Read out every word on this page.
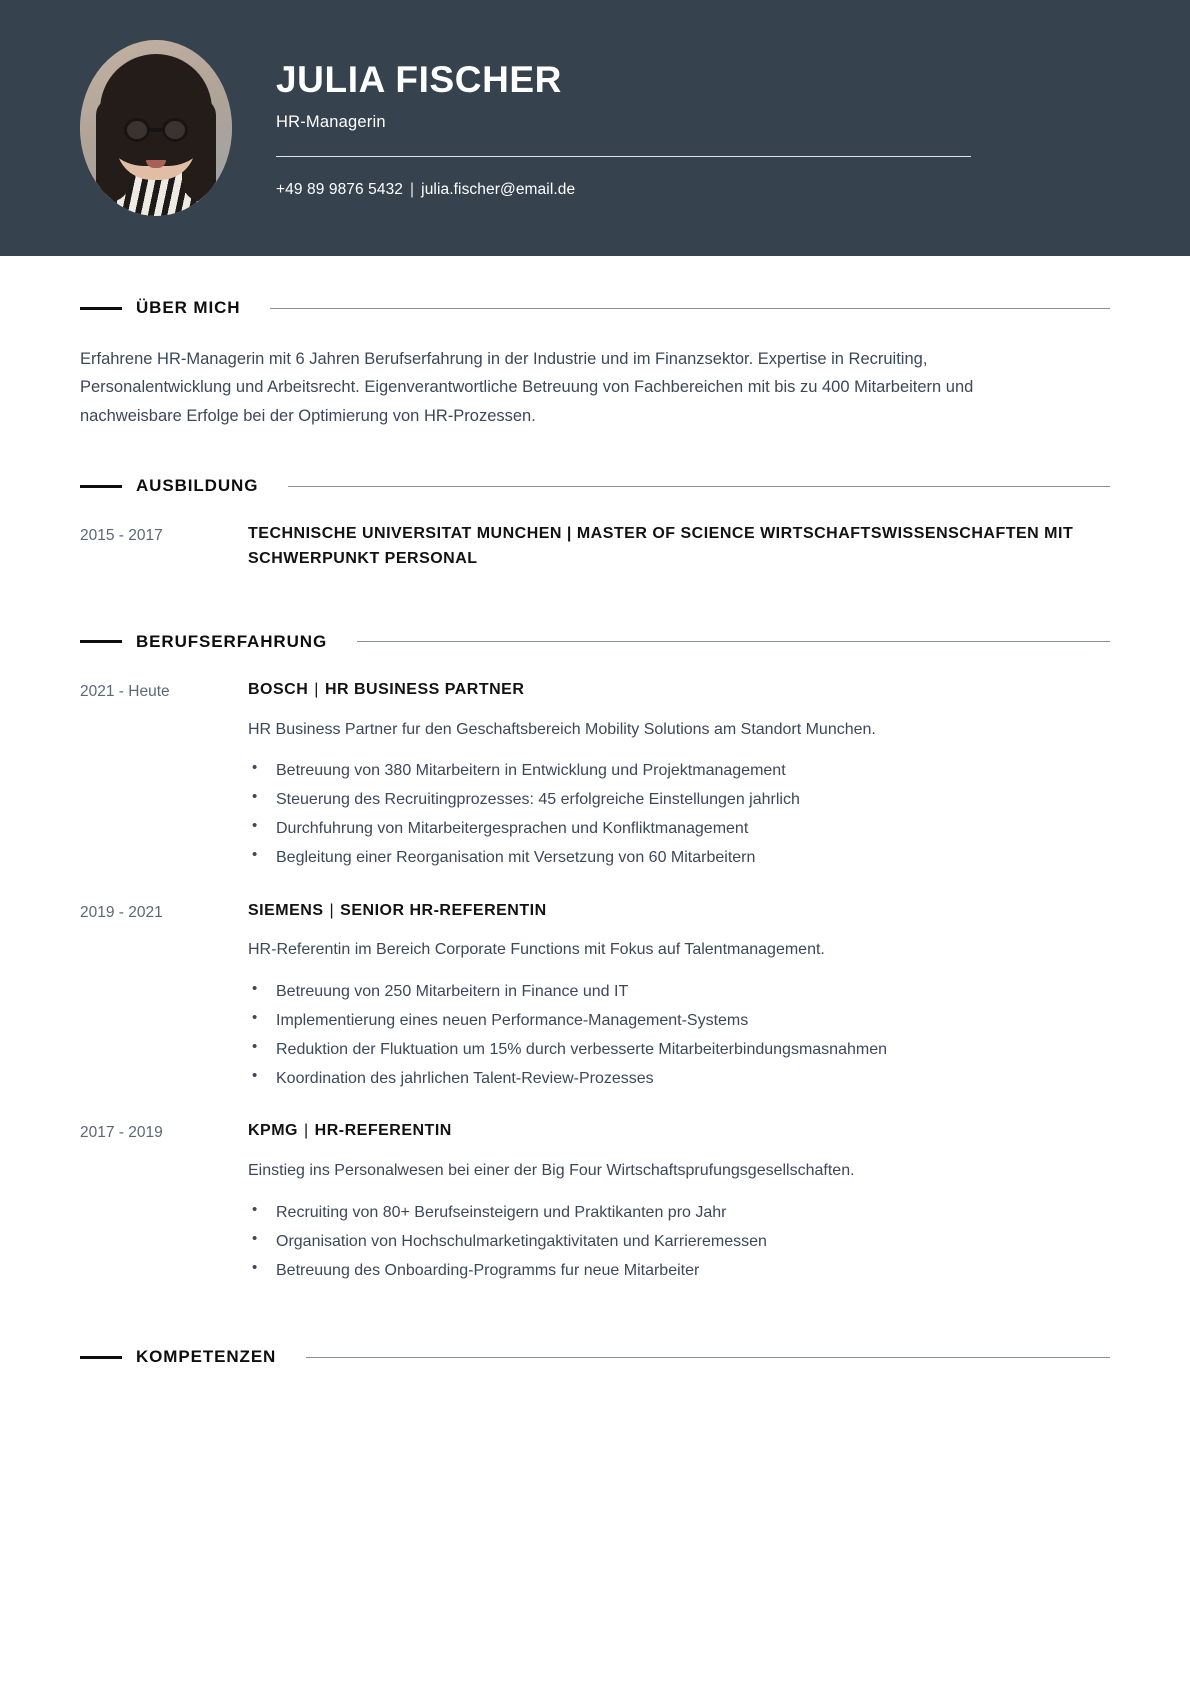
JULIA FISCHER
HR-Managerin
+49 89 9876 5432 | julia.fischer@email.de
ÜBER MICH

Erfahrene HR-Managerin mit 6 Jahren Berufserfahrung in der Industrie und im Finanzsektor. Expertise in Recruiting, Personalentwicklung und Arbeitsrecht. Eigenverantwortliche Betreuung von Fachbereichen mit bis zu 400 Mitarbeitern und nachweisbare Erfolge bei der Optimierung von HR-Prozessen.

AUSBILDUNG
2015 - 2017	TECHNISCHE UNIVERSITAT MUNCHEN | MASTER OF SCIENCE WIRTSCHAFTSWISSENSCHAFTEN MIT SCHWERPUNKT PERSONAL
BERUFSERFAHRUNG
2021 - Heute	BOSCH | HR BUSINESS PARTNER
HR Business Partner fur den Geschaftsbereich Mobility Solutions am Standort Munchen.
• Betreuung von 380 Mitarbeitern in Entwicklung und Projektmanagement
• Steuerung des Recruitingprozesses: 45 erfolgreiche Einstellungen jahrlich
• Durchfuhrung von Mitarbeitergesprachen und Konfliktmanagement
• Begleitung einer Reorganisation mit Versetzung von 60 Mitarbeitern
2019 - 2021	SIEMENS | SENIOR HR-REFERENTIN
HR-Referentin im Bereich Corporate Functions mit Fokus auf Talentmanagement.
• Betreuung von 250 Mitarbeitern in Finance und IT
• Implementierung eines neuen Performance-Management-Systems
• Reduktion der Fluktuation um 15% durch verbesserte Mitarbeiterbindungsmasnahmen
• Koordination des jahrlichen Talent-Review-Prozesses
2017 - 2019	KPMG | HR-REFERENTIN
Einstieg ins Personalwesen bei einer der Big Four Wirtschaftsprufungsgesellschaften.
• Recruiting von 80+ Berufseinsteigern und Praktikanten pro Jahr
• Organisation von Hochschulmarketingaktivitaten und Karrieremessen
• Betreuung des Onboarding-Programms fur neue Mitarbeiter
KOMPETENZEN
